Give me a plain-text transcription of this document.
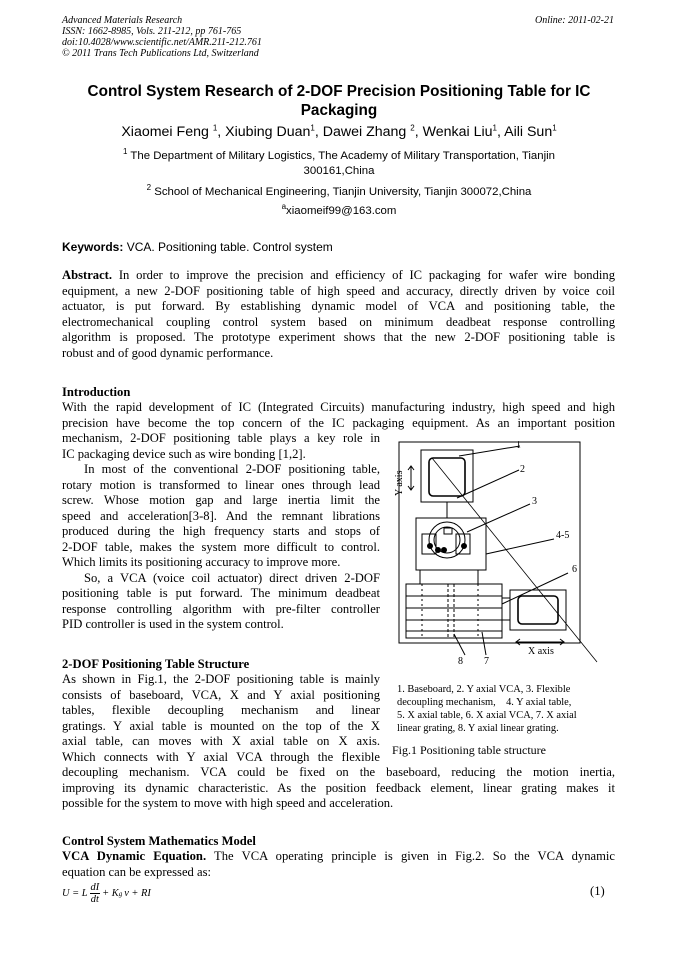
Advanced Materials Research
ISSN: 1662-8985, Vols. 211-212, pp 761-765
doi:10.4028/www.scientific.net/AMR.211-212.761
© 2011 Trans Tech Publications Ltd, Switzerland
Online: 2011-02-21
Control System Research of 2-DOF Precision Positioning Table for IC
Packaging
Xiaomei Feng $^1$, Xiubing Duan$^1$, Dawei Zhang $^2$, Wenkai Liu$^1$, Aili Sun$^1$
$^1$ The Department of Military Logistics, The Academy of Military Transportation, Tianjin
300161,China
$^2$ School of Mechanical Engineering, Tianjin University, Tianjin 300072,China
$^a$xiaomeif99@163.com
Keywords: VCA. Positioning table. Control system
Abstract. In order to improve the precision and efficiency of IC packaging for wafer wire bonding
equipment, a new 2-DOF positioning table of high speed and accuracy, directly driven by voice coil
actuator, is put forward. By establishing dynamic model of VCA and positioning table, the
electromechanical coupling control system based on minimum deadbeat response controlling
algorithm is proposed. The prototype experiment shows that the new 2-DOF positioning table is
robust and of good dynamic performance.
Introduction
With the rapid development of IC (Integrated Circuits) manufacturing industry, high speed and high
precision have become the top concern of the IC packaging equipment. As an important position
mechanism, 2-DOF positioning table plays a key role in
IC packaging device such as wire bonding [1,2].
In most of the conventional 2-DOF positioning table,
rotary motion is transformed to linear ones through lead
screw. Whose motion gap and large inertia limit the
speed and acceleration[3-8]. And the remnant librations
produced during the high frequency starts and stops of
2-DOF table, makes the system more difficult to control.
Which limits its positioning accuracy to improve more.
So, a VCA (voice coil actuator) direct driven 2-DOF
positioning table is put forward. The minimum deadbeat
response controlling algorithm with pre-filter controller
PID controller is used in the system control.
2-DOF Positioning Table Structure
As shown in Fig.1, the 2-DOF positioning table is mainly
consists of baseboard, VCA, X and Y axial positioning
tables, flexible decoupling mechanism and linear
gratings. Y axial table is mounted on the top of the X
axial table, can moves with X axial table on X axis.
Which connects with Y axial VCA through the flexible
decoupling mechanism. VCA could be fixed on the baseboard, reducing the motion inertia,
improving its dynamic characteristic. As the position feedback element, linear grating makes it
possible for the system to move with high speed and acceleration.
Y axis
X axis
1
2
3
4-5
6
8 7
1. Baseboard, 2. Y axial VCA, 3. Flexible
decoupling mechanism,    4. Y axial table,
5. X axial table, 6. X axial VCA, 7. X axial
linear grating, 8. Y axial linear grating.
Fig.1 Positioning table structure
Control System Mathematics Model
VCA Dynamic Equation. The VCA operating principle is given in Fig.2. So the VCA dynamic
equation can be expressed as:
U = L $\frac{dI}{dt} + K$ g v + RI	(1)
